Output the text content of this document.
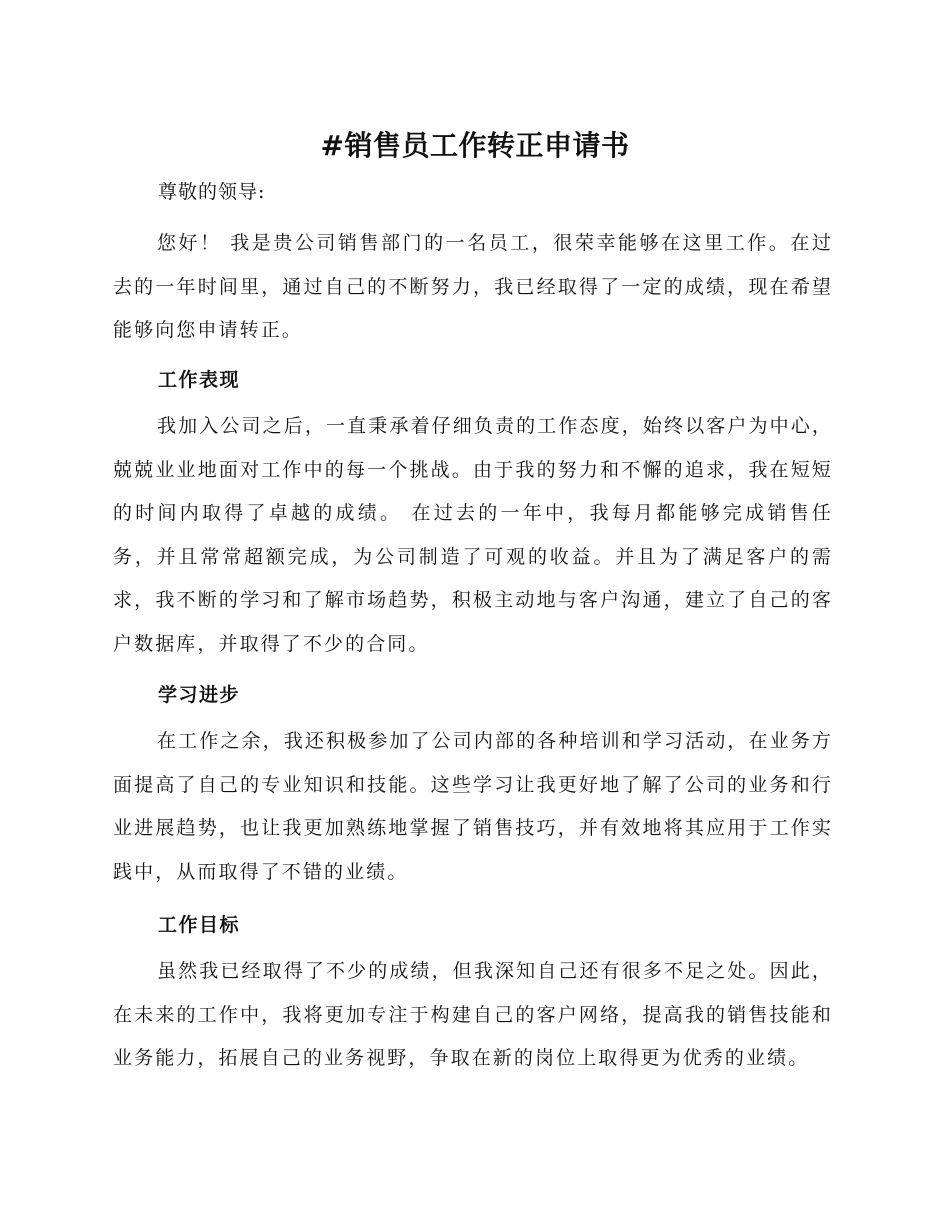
#销售员工作转正申请书
尊敬的领导:

您好！ 我是贵公司销售部门的一名员工，很荣幸能够在这里工作。在过去的一年时间里，通过自己的不断努力，我已经取得了一定的成绩，现在希望能够向您申请转正。

工作表现

我加入公司之后，一直秉承着仔细负责的工作态度，始终以客户为中心，兢兢业业地面对工作中的每一个挑战。由于我的努力和不懈的追求，我在短短的时间内取得了卓越的成绩。 在过去的一年中，我每月都能够完成销售任务，并且常常超额完成，为公司制造了可观的收益。并且为了满足客户的需求，我不断的学习和了解市场趋势，积极主动地与客户沟通，建立了自己的客户数据库，并取得了不少的合同。

学习进步

在工作之余，我还积极参加了公司内部的各种培训和学习活动，在业务方面提高了自己的专业知识和技能。这些学习让我更好地了解了公司的业务和行业进展趋势，也让我更加熟练地掌握了销售技巧，并有效地将其应用于工作实践中，从而取得了不错的业绩。

工作目标

虽然我已经取得了不少的成绩，但我深知自己还有很多不足之处。因此，在未来的工作中，我将更加专注于构建自己的客户网络，提高我的销售技能和业务能力，拓展自己的业务视野，争取在新的岗位上取得更为优秀的业绩。
